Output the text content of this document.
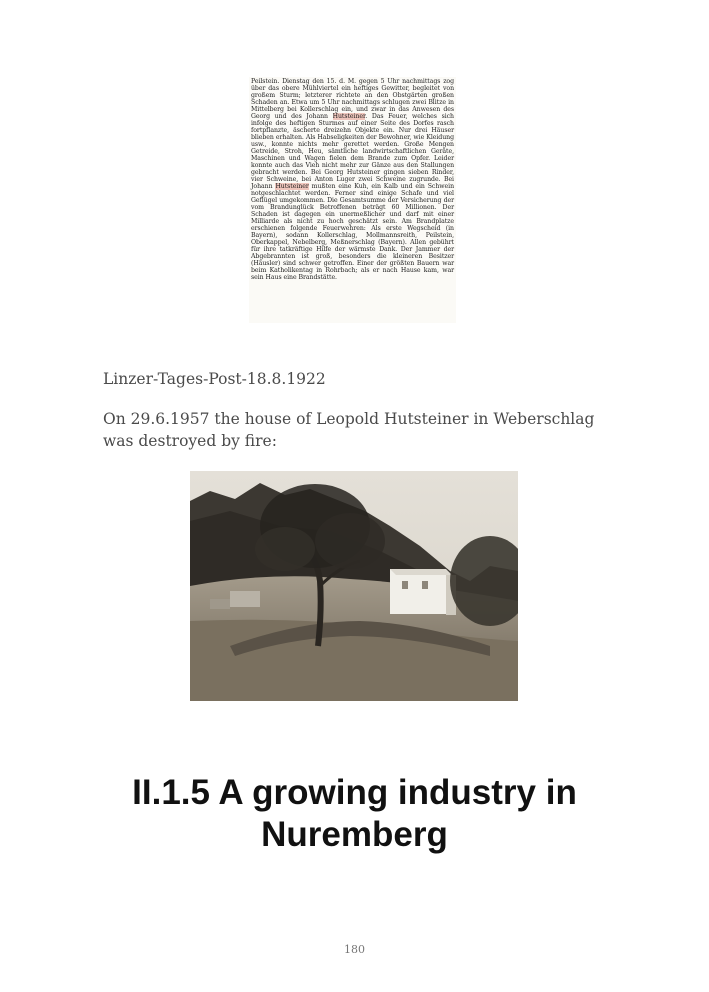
Peilstein. Dienstag den 15. d. M. gegen 5 Uhr nachmittags zog über das obere Mühlviertel ein heftiges Gewitter, begleitet von großem Sturm; letzterer richtete an den Obstgärten großen Schaden an. Etwa um 5 Uhr nachmittags schlugen zwei Blitze in Mittelberg bei Kollerschlag ein, und zwar in das Anwesen des Georg und des Johann Hutsteiner. Das Feuer, welches sich infolge des heftigen Sturmes auf einer Seite des Dorfes rasch fortpflanzte, äscherte dreizehn Objekte ein. Nur drei Häuser blieben erhalten. Als Habseligkeiten der Bewohner, wie Kleidung usw., konnte nichts mehr gerettet werden. Große Mengen Getreide, Stroh, Heu, sämtliche landwirtschaftlichen Geräte, Maschinen und Wagen fielen dem Brande zum Opfer. Leider konnte auch das Vieh nicht mehr zur Gänze aus den Stallungen gebracht werden. Bei Georg Hutsteiner gingen sieben Rinder, vier Schweine, bei Anton Luger zwei Schweine zugrunde. Bei Johann Hutsteiner mußten eine Kuh, ein Kalb und ein Schwein notgeschlachtet werden. Ferner sind einige Schafe und viel Geflügel umgekommen. Die Gesamtsumme der Versicherung der vom Brandunglück Betroffenen beträgt 60 Millionen. Der Schaden ist dagegen ein unermeßlicher und darf mit einer Milliarde als nicht zu hoch geschätzt sein. Am Brandplatze erschienen folgende Feuerwehren: Als erste Wegscheid (in Bayern), sodann Kollerschlag, Mollmannsreith, Peilstein, Oberkappel, Nebelberg, Meßnerschlag (Bayern). Allen gebührt für ihre tatkräftige Hilfe der wärmste Dank. Der Jammer der Abgebrannten ist groß, besonders die kleineren Besitzer (Häusler) sind schwer getroffen. Einer der größten Bauern war beim Katholikentag in Rohrbach; als er nach Hause kam, war sein Haus eine Brandstätte.
Linzer-Tages-Post-18.8.1922
On 29.6.1957 the house of Leopold Hutsteiner in Weberschlag was destroyed by fire:
II.1.5 A growing industry in Nuremberg
180
